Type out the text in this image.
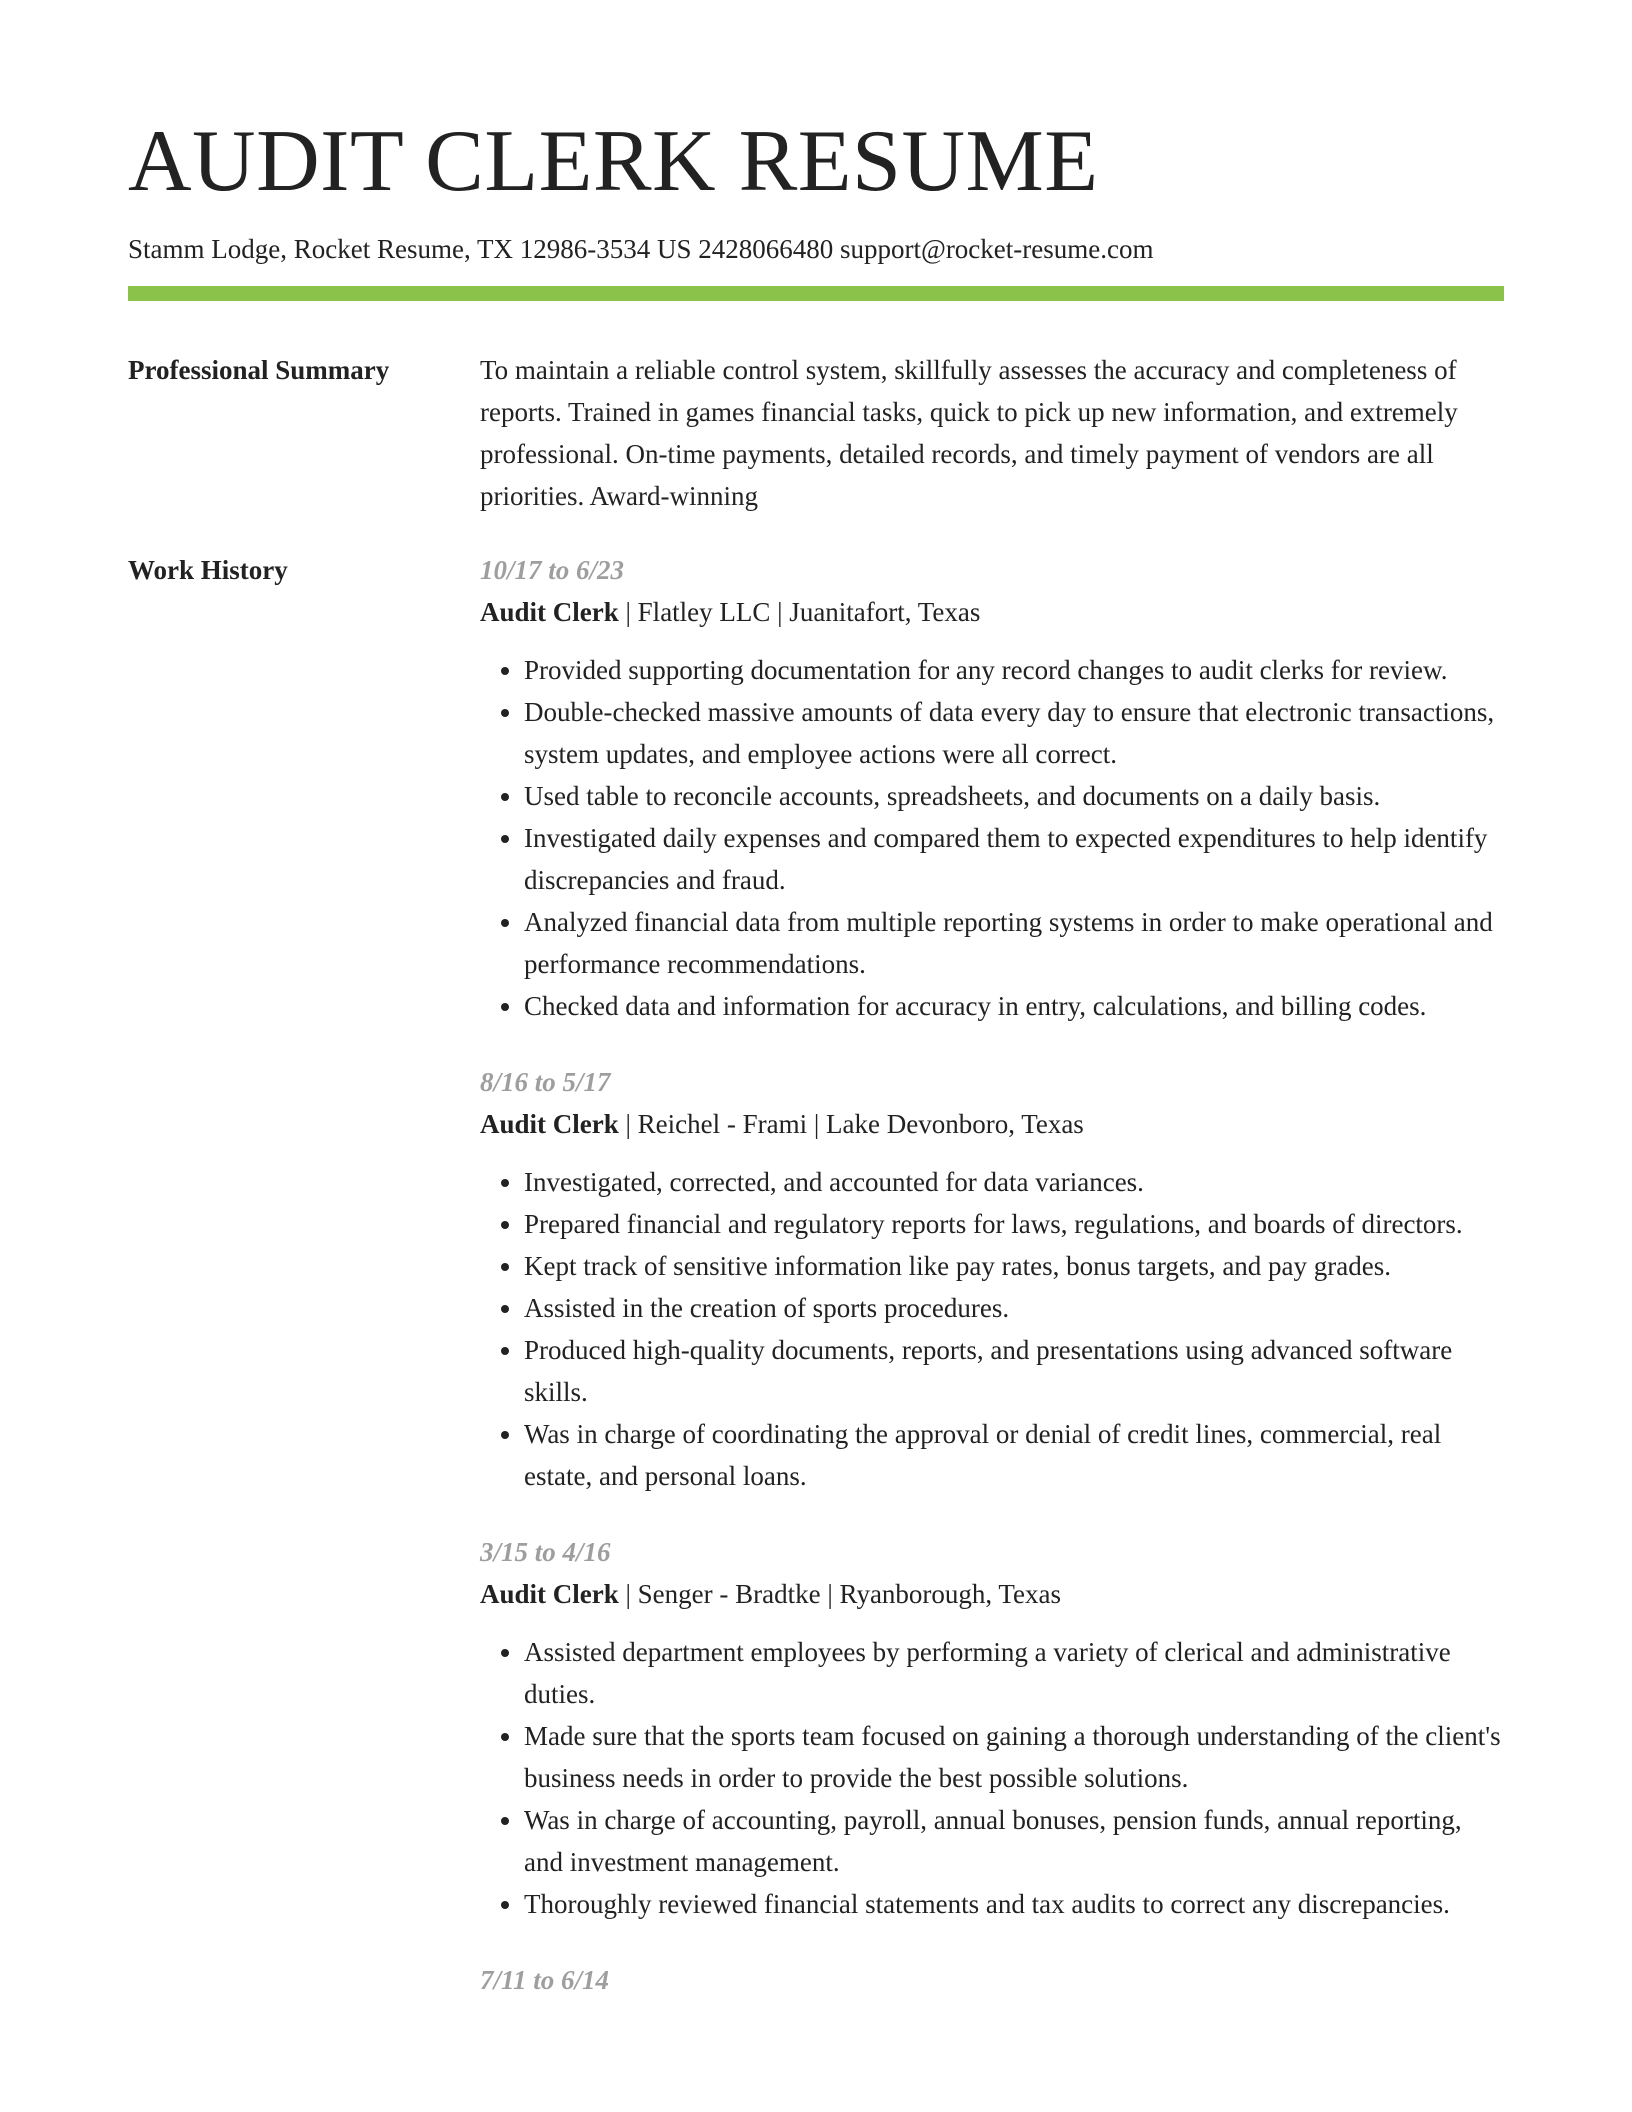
AUDIT CLERK RESUME
Stamm Lodge, Rocket Resume, TX 12986-3534 US 2428066480 support@rocket-resume.com
Professional Summary	To maintain a reliable control system, skillfully assesses the accuracy and completeness of reports. Trained in games financial tasks, quick to pick up new information, and extremely professional. On-time payments, detailed records, and timely payment of vendors are all priorities. Award-winning

Work History	10/17 to 6/23
Audit Clerk | Flatley LLC | Juanitafort, Texas
• Provided supporting documentation for any record changes to audit clerks for review.
• Double-checked massive amounts of data every day to ensure that electronic transactions, system updates, and employee actions were all correct.
• Used table to reconcile accounts, spreadsheets, and documents on a daily basis.
• Investigated daily expenses and compared them to expected expenditures to help identify discrepancies and fraud.
• Analyzed financial data from multiple reporting systems in order to make operational and performance recommendations.
• Checked data and information for accuracy in entry, calculations, and billing codes.
8/16 to 5/17
Audit Clerk | Reichel - Frami | Lake Devonboro, Texas
• Investigated, corrected, and accounted for data variances.
• Prepared financial and regulatory reports for laws, regulations, and boards of directors.
• Kept track of sensitive information like pay rates, bonus targets, and pay grades.
• Assisted in the creation of sports procedures.
• Produced high-quality documents, reports, and presentations using advanced software skills.
• Was in charge of coordinating the approval or denial of credit lines, commercial, real estate, and personal loans.
3/15 to 4/16
Audit Clerk | Senger - Bradtke | Ryanborough, Texas
• Assisted department employees by performing a variety of clerical and administrative duties.
• Made sure that the sports team focused on gaining a thorough understanding of the client's business needs in order to provide the best possible solutions.
• Was in charge of accounting, payroll, annual bonuses, pension funds, annual reporting, and investment management.
• Thoroughly reviewed financial statements and tax audits to correct any discrepancies.
7/11 to 6/14
